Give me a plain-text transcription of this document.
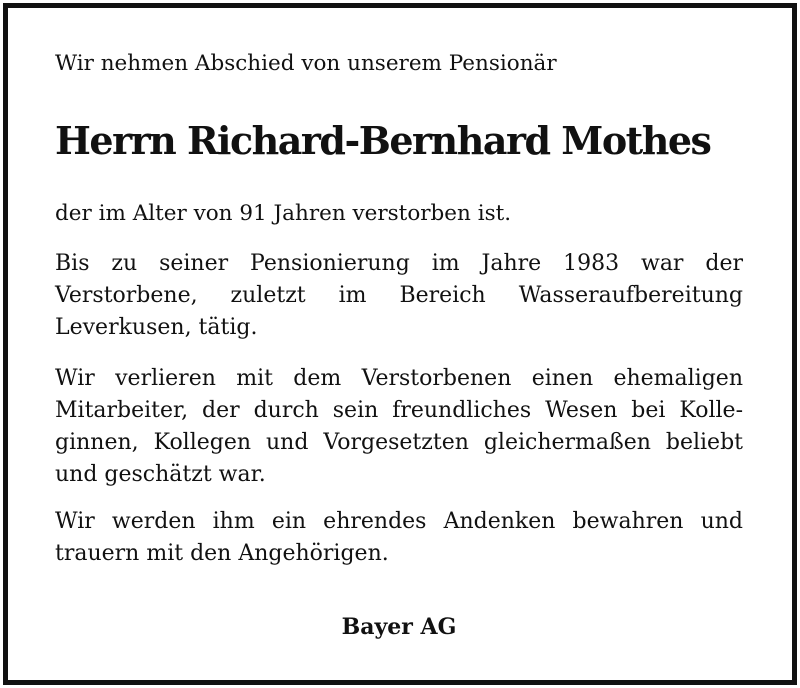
Wir nehmen Abschied von unserem Pensionär
Herrn Richard-Bernhard Mothes
der im Alter von 91 Jahren verstorben ist.
Bis zu seiner Pensionierung im Jahre 1983 war der Verstorbene, zuletzt im Bereich Wasseraufbereitung Leverkusen, tätig.
Wir verlieren mit dem Verstorbenen einen ehemaligen Mitarbeiter, der durch sein freundliches Wesen bei Kolleginnen, Kollegen und Vorgesetzten gleichermaßen beliebt und geschätzt war.
Wir werden ihm ein ehrendes Andenken bewahren und trauern mit den Angehörigen.
Bayer AG
